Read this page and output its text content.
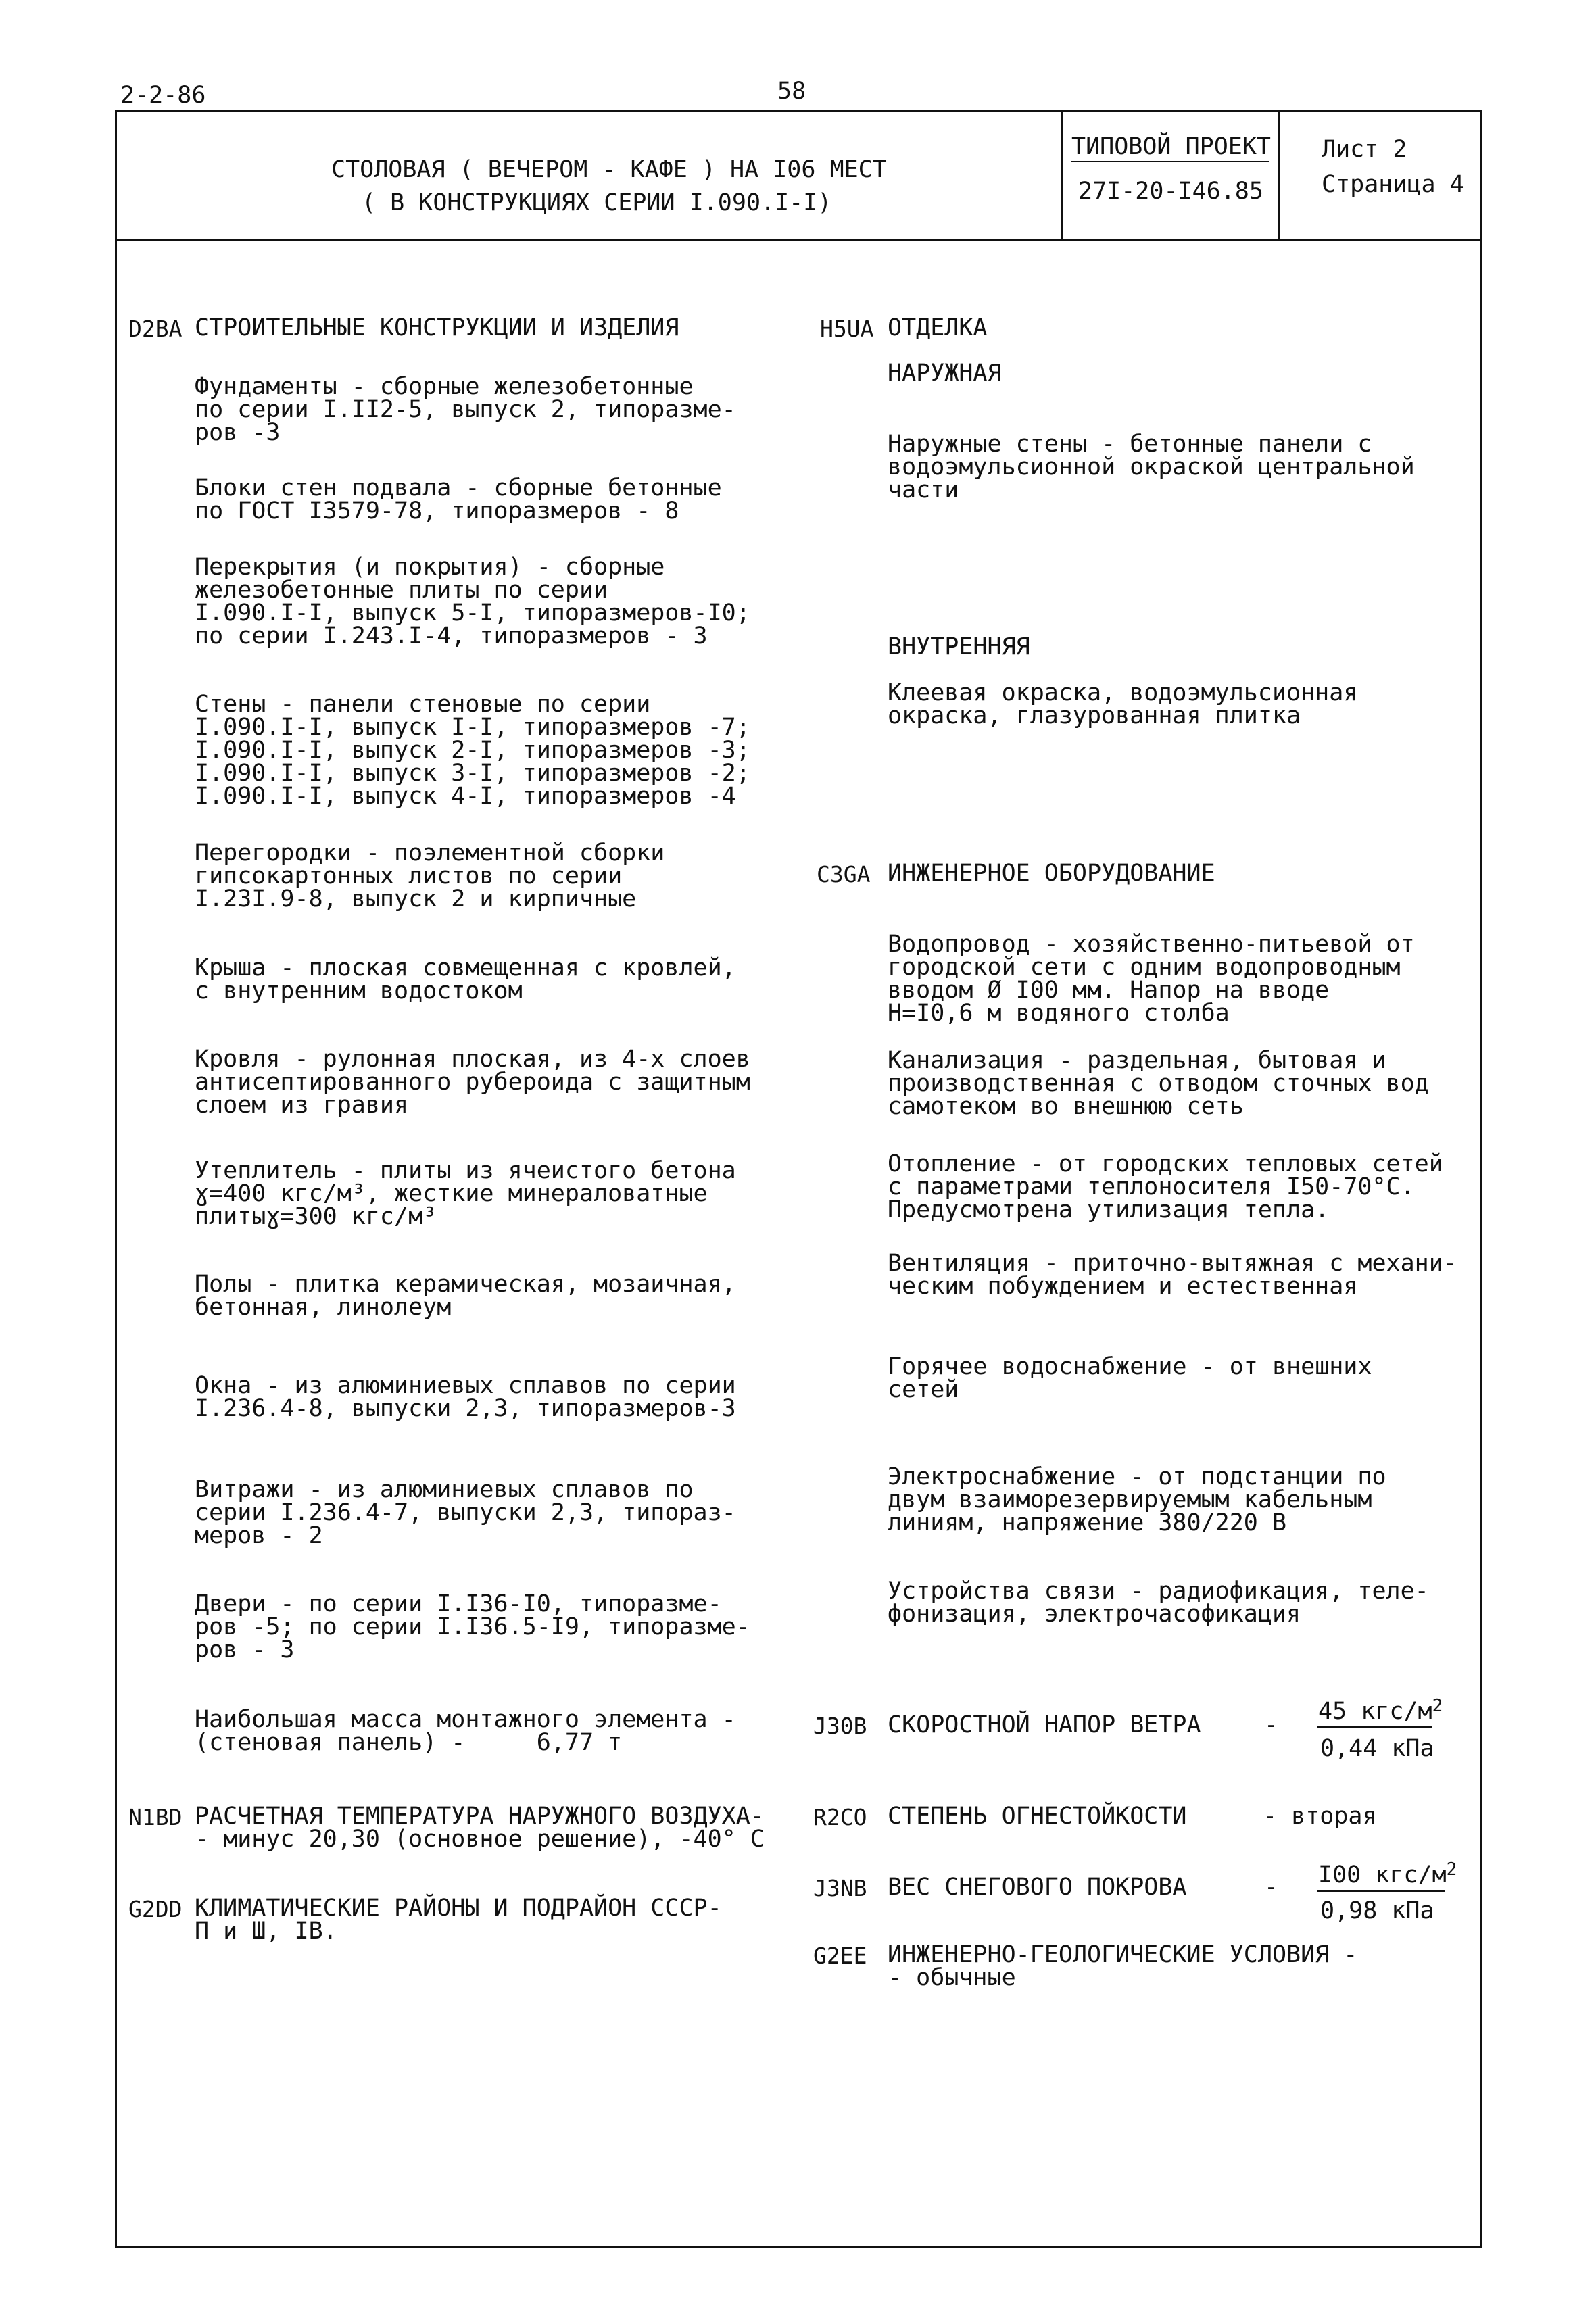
2-2-86	58
СТОЛОВАЯ ( ВЕЧЕРОМ - КАФЕ ) НА I06 МЕСТ
( В КОНСТРУКЦИЯХ СЕРИИ I.090.I-I)
ТИПОВОЙ ПРОЕКТ
27I-20-I46.85
Лист 2
Страница 4
D2BA СТРОИТЕЛЬНЫЕ КОНСТРУКЦИИ И ИЗДЕЛИЯ
Фундаменты - сборные железобетонные
по серии I.II2-5, выпуск 2, типоразме-
ров -3
Блоки стен подвала - сборные бетонные
по ГОСТ I3579-78, типоразмеров - 8
Перекрытия (и покрытия) - сборные
железобетонные плиты по серии
I.090.I-I, выпуск 5-I, типоразмеров-I0;
по серии I.243.I-4, типоразмеров - 3
Стены - панели стеновые по серии
I.090.I-I, выпуск I-I, типоразмеров -7;
I.090.I-I, выпуск 2-I, типоразмеров -3;
I.090.I-I, выпуск 3-I, типоразмеров -2;
I.090.I-I, выпуск 4-I, типоразмеров -4
Перегородки - поэлементной сборки
гипсокартонных листов по серии
I.23I.9-8, выпуск 2 и кирпичные
Крыша - плоская совмещенная с кровлей,
с внутренним водостоком
Кровля - рулонная плоская, из 4-х слоев
антисептированного рубероида с защитным
слоем из гравия
Утеплитель - плиты из ячеистого бетона
ɣ=400 кгс/м³, жесткие минераловатные
плитыɣ=300 кгс/м³
Полы - плитка керамическая, мозаичная,
бетонная, линолеум
Окна - из алюминиевых сплавов по серии
I.236.4-8, выпуски 2,3, типоразмеров-3
Витражи - из алюминиевых сплавов по
серии I.236.4-7, выпуски 2,3, типораз-
меров - 2
Двери - по серии I.I36-I0, типоразме-
ров -5; по серии I.I36.5-I9, типоразме-
ров - 3
Наибольшая масса монтажного элемента -
(стеновая панель) -     6,77 т
N1BD РАСЧЕТНАЯ ТЕМПЕРАТУРА НАРУЖНОГО ВОЗДУХА-
- минус 20,30 (основное решение), -40° С
G2DD КЛИМАТИЧЕСКИЕ РАЙОНЫ И ПОДРАЙОН СССР-
П и Ш, IВ.
H5UA ОТДЕЛКА
НАРУЖНАЯ
Наружные стены - бетонные панели с
водоэмульсионной окраской центральной
части
ВНУТРЕННЯЯ
Клеевая окраска, водоэмульсионная
окраска, глазурованная плитка
C3GA ИНЖЕНЕРНОЕ ОБОРУДОВАНИЕ
Водопровод - хозяйственно-питьевой от
городской сети с одним водопроводным
вводом Ø I00 мм. Напор на вводе
Н=I0,6 м водяного столба
Канализация - раздельная, бытовая и
производственная с отводом сточных вод
самотеком во внешнюю сеть
Отопление - от городских тепловых сетей
с параметрами теплоносителя I50-70°С.
Предусмотрена утилизация тепла.
Вентиляция - приточно-вытяжная с механи-
ческим побуждением и естественная
Горячее водоснабжение - от внешних
сетей
Электроснабжение - от подстанции по
двум взаиморезервируемым кабельным
линиям, напряжение 380/220 В
Устройства связи - радиофикация, теле-
фонизация, электрочасофикация
J30B СКОРОСТНОЙ НАПОР ВЕТРА	- 45 кгс/$м^2$
0,44 кПа
R2CO СТЕПЕНЬ ОГНЕСТОЙКОСТИ	- вторая
J3NB ВЕС СНЕГОВОГО ПОКРОВА	- I00 кгс/$м^2$
0,98 кПа
G2EE ИНЖЕНЕРНО-ГЕОЛОГИЧЕСКИЕ УСЛОВИЯ -
- обычные
